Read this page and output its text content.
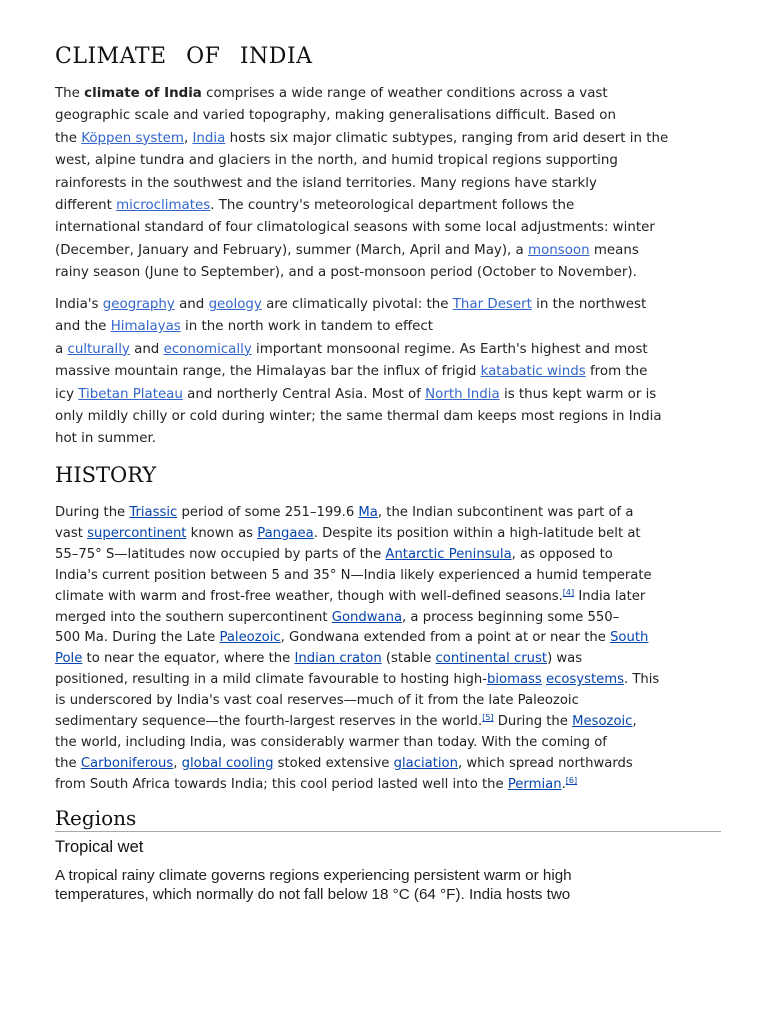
CLIMATE OF INDIA

The climate of India comprises a wide range of weather conditions across a vast
geographic scale and varied topography, making generalisations difficult. Based on
the Köppen system, India hosts six major climatic subtypes, ranging from arid desert in the
west, alpine tundra and glaciers in the north, and humid tropical regions supporting
rainforests in the southwest and the island territories. Many regions have starkly
different microclimates. The country's meteorological department follows the
international standard of four climatological seasons with some local adjustments: winter
(December, January and February), summer (March, April and May), a monsoon means
rainy season (June to September), and a post-monsoon period (October to November).

India's geography and geology are climatically pivotal: the Thar Desert in the northwest
and the Himalayas in the north work in tandem to effect
a culturally and economically important monsoonal regime. As Earth's highest and most
massive mountain range, the Himalayas bar the influx of frigid katabatic winds from the
icy Tibetan Plateau and northerly Central Asia. Most of North India is thus kept warm or is
only mildly chilly or cold during winter; the same thermal dam keeps most regions in India
hot in summer.

HISTORY

During the Triassic period of some 251–199.6 Ma, the Indian subcontinent was part of a
vast supercontinent known as Pangaea. Despite its position within a high-latitude belt at
55–75° S—latitudes now occupied by parts of the Antarctic Peninsula, as opposed to
India's current position between 5 and 35° N—India likely experienced a humid temperate
climate with warm and frost-free weather, though with well-defined seasons.[4] India later
merged into the southern supercontinent Gondwana, a process beginning some 550–
500 Ma. During the Late Paleozoic, Gondwana extended from a point at or near the South
Pole to near the equator, where the Indian craton (stable continental crust) was
positioned, resulting in a mild climate favourable to hosting high-biomass ecosystems. This
is underscored by India's vast coal reserves—much of it from the late Paleozoic
sedimentary sequence—the fourth-largest reserves in the world.[5] During the Mesozoic,
the world, including India, was considerably warmer than today. With the coming of
the Carboniferous, global cooling stoked extensive glaciation, which spread northwards
from South Africa towards India; this cool period lasted well into the Permian.[6]

Regions
Tropical wet

A tropical rainy climate governs regions experiencing persistent warm or high
temperatures, which normally do not fall below 18 °C (64 °F). India hosts two
